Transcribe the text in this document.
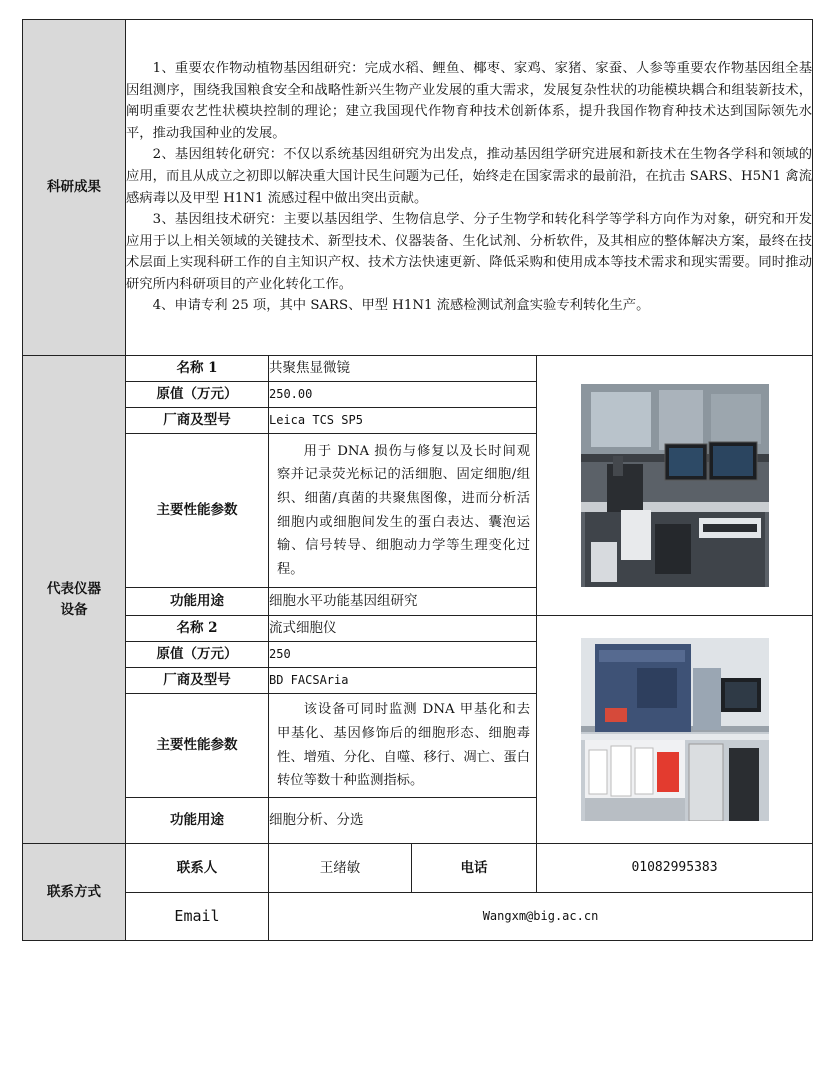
科研成果	1、重要农作物动植物基因组研究：完成水稻、鲤鱼、椰枣、家鸡、家猪、家蚕、人参等重要农作物基因组全基因组测序，围绕我国粮食安全和战略性新兴生物产业发展的重大需求，发展复杂性状的功能模块耦合和组装新技术，阐明重要农艺性状模块控制的理论；建立我国现代作物育种技术创新体系，提升我国作物育种技术达到国际领先水平，推动我国种业的发展。

2、基因组转化研究：不仅以系统基因组研究为出发点，推动基因组学研究进展和新技术在生物各学科和领域的应用，而且从成立之初即以解决重大国计民生问题为己任，始终走在国家需求的最前沿，在抗击 SARS、H5N1 禽流感病毒以及甲型 H1N1 流感过程中做出突出贡献。

3、基因组技术研究：主要以基因组学、生物信息学、分子生物学和转化科学等学科方向作为对象，研究和开发应用于以上相关领域的关键技术、新型技术、仪器装备、生化试剂、分析软件，及其相应的整体解决方案，最终在技术层面上实现科研工作的自主知识产权、技术方法快速更新、降低采购和使用成本等技术需求和现实需要。同时推动研究所内科研项目的产业化转化工作。

4、申请专利 25 项，其中 SARS、甲型 H1N1 流感检测试剂盒实验专利转化生产。			

代表仪器
设备	名称 1	共聚焦显微镜	

	原值（万元）	250.00		
	厂商及型号	Leica TCS SP5		
	主要性能参数	用于 DNA 损伤与修复以及长时间观察并记录荧光标记的活细胞、固定细胞/组织、细菌/真菌的共聚焦图像，进而分析活细胞内或细胞间发生的蛋白表达、囊泡运输、信号转导、细胞动力学等生理变化过程。		

	功能用途	细胞水平功能基因组研究		
	名称 2	流式细胞仪	

	原值（万元）	250		
	厂商及型号	BD FACSAria		
	主要性能参数	该设备可同时监测 DNA 甲基化和去甲基化、基因修饰后的细胞形态、细胞毒性、增殖、分化、自噬、移行、凋亡、蛋白转位等数十种监测指标。		

	功能用途	细胞分析、分选		
联系方式	联系人	王绪敏	电话	01082995383
	Email	Wangxm@big.ac.cn		
